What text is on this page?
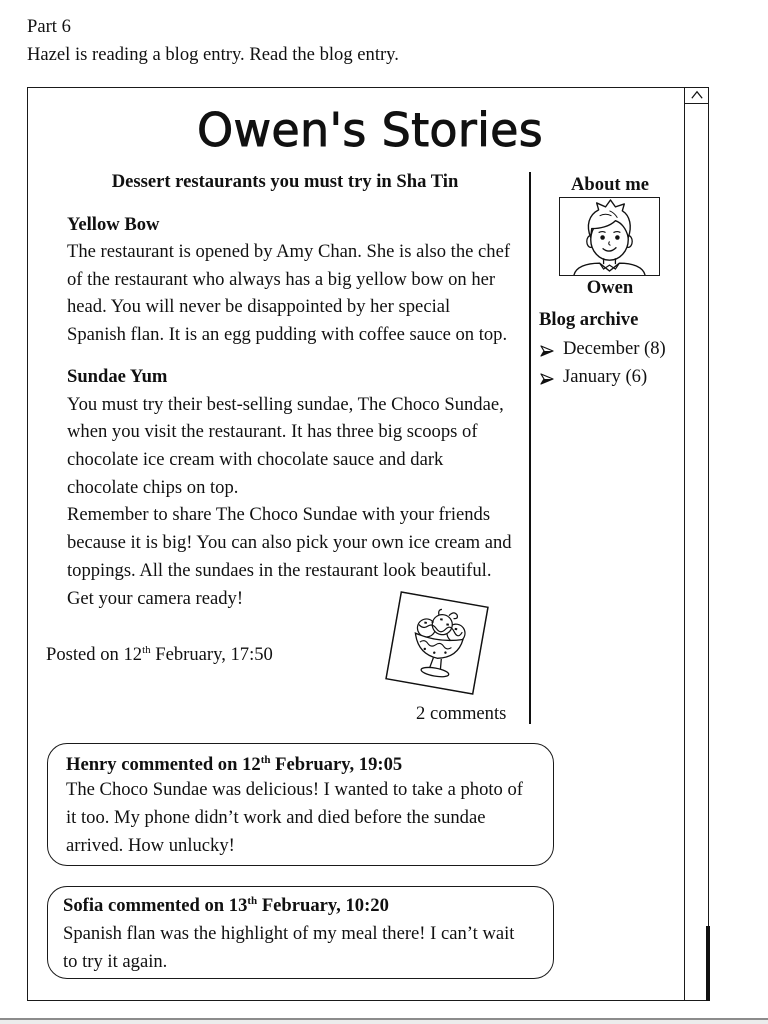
Part 6
Hazel is reading a blog entry. Read the blog entry.
Owen's Stories
Dessert restaurants you must try in Sha Tin
Yellow Bow
The restaurant is opened by Amy Chan. She is also the chef
of the restaurant who always has a big yellow bow on her
head. You will never be disappointed by her special
Spanish flan. It is an egg pudding with coffee sauce on top.
Sundae Yum
You must try their best-selling sundae, The Choco Sundae,
when you visit the restaurant. It has three big scoops of
chocolate ice cream with chocolate sauce and dark
chocolate chips on top.
Remember to share The Choco Sundae with your friends
because it is big! You can also pick your own ice cream and
toppings. All the sundaes in the restaurant look beautiful.
Get your camera ready!
Posted on 12th February, 17:50
2 comments
About me
Owen
Blog archive
December (8)
January (6)
Henry commented on 12th February, 19:05
The Choco Sundae was delicious! I wanted to take a photo of
it too. My phone didn’t work and died before the sundae
arrived. How unlucky!
Sofia commented on 13th February, 10:20
Spanish flan was the highlight of my meal there! I can’t wait
to try it again.
